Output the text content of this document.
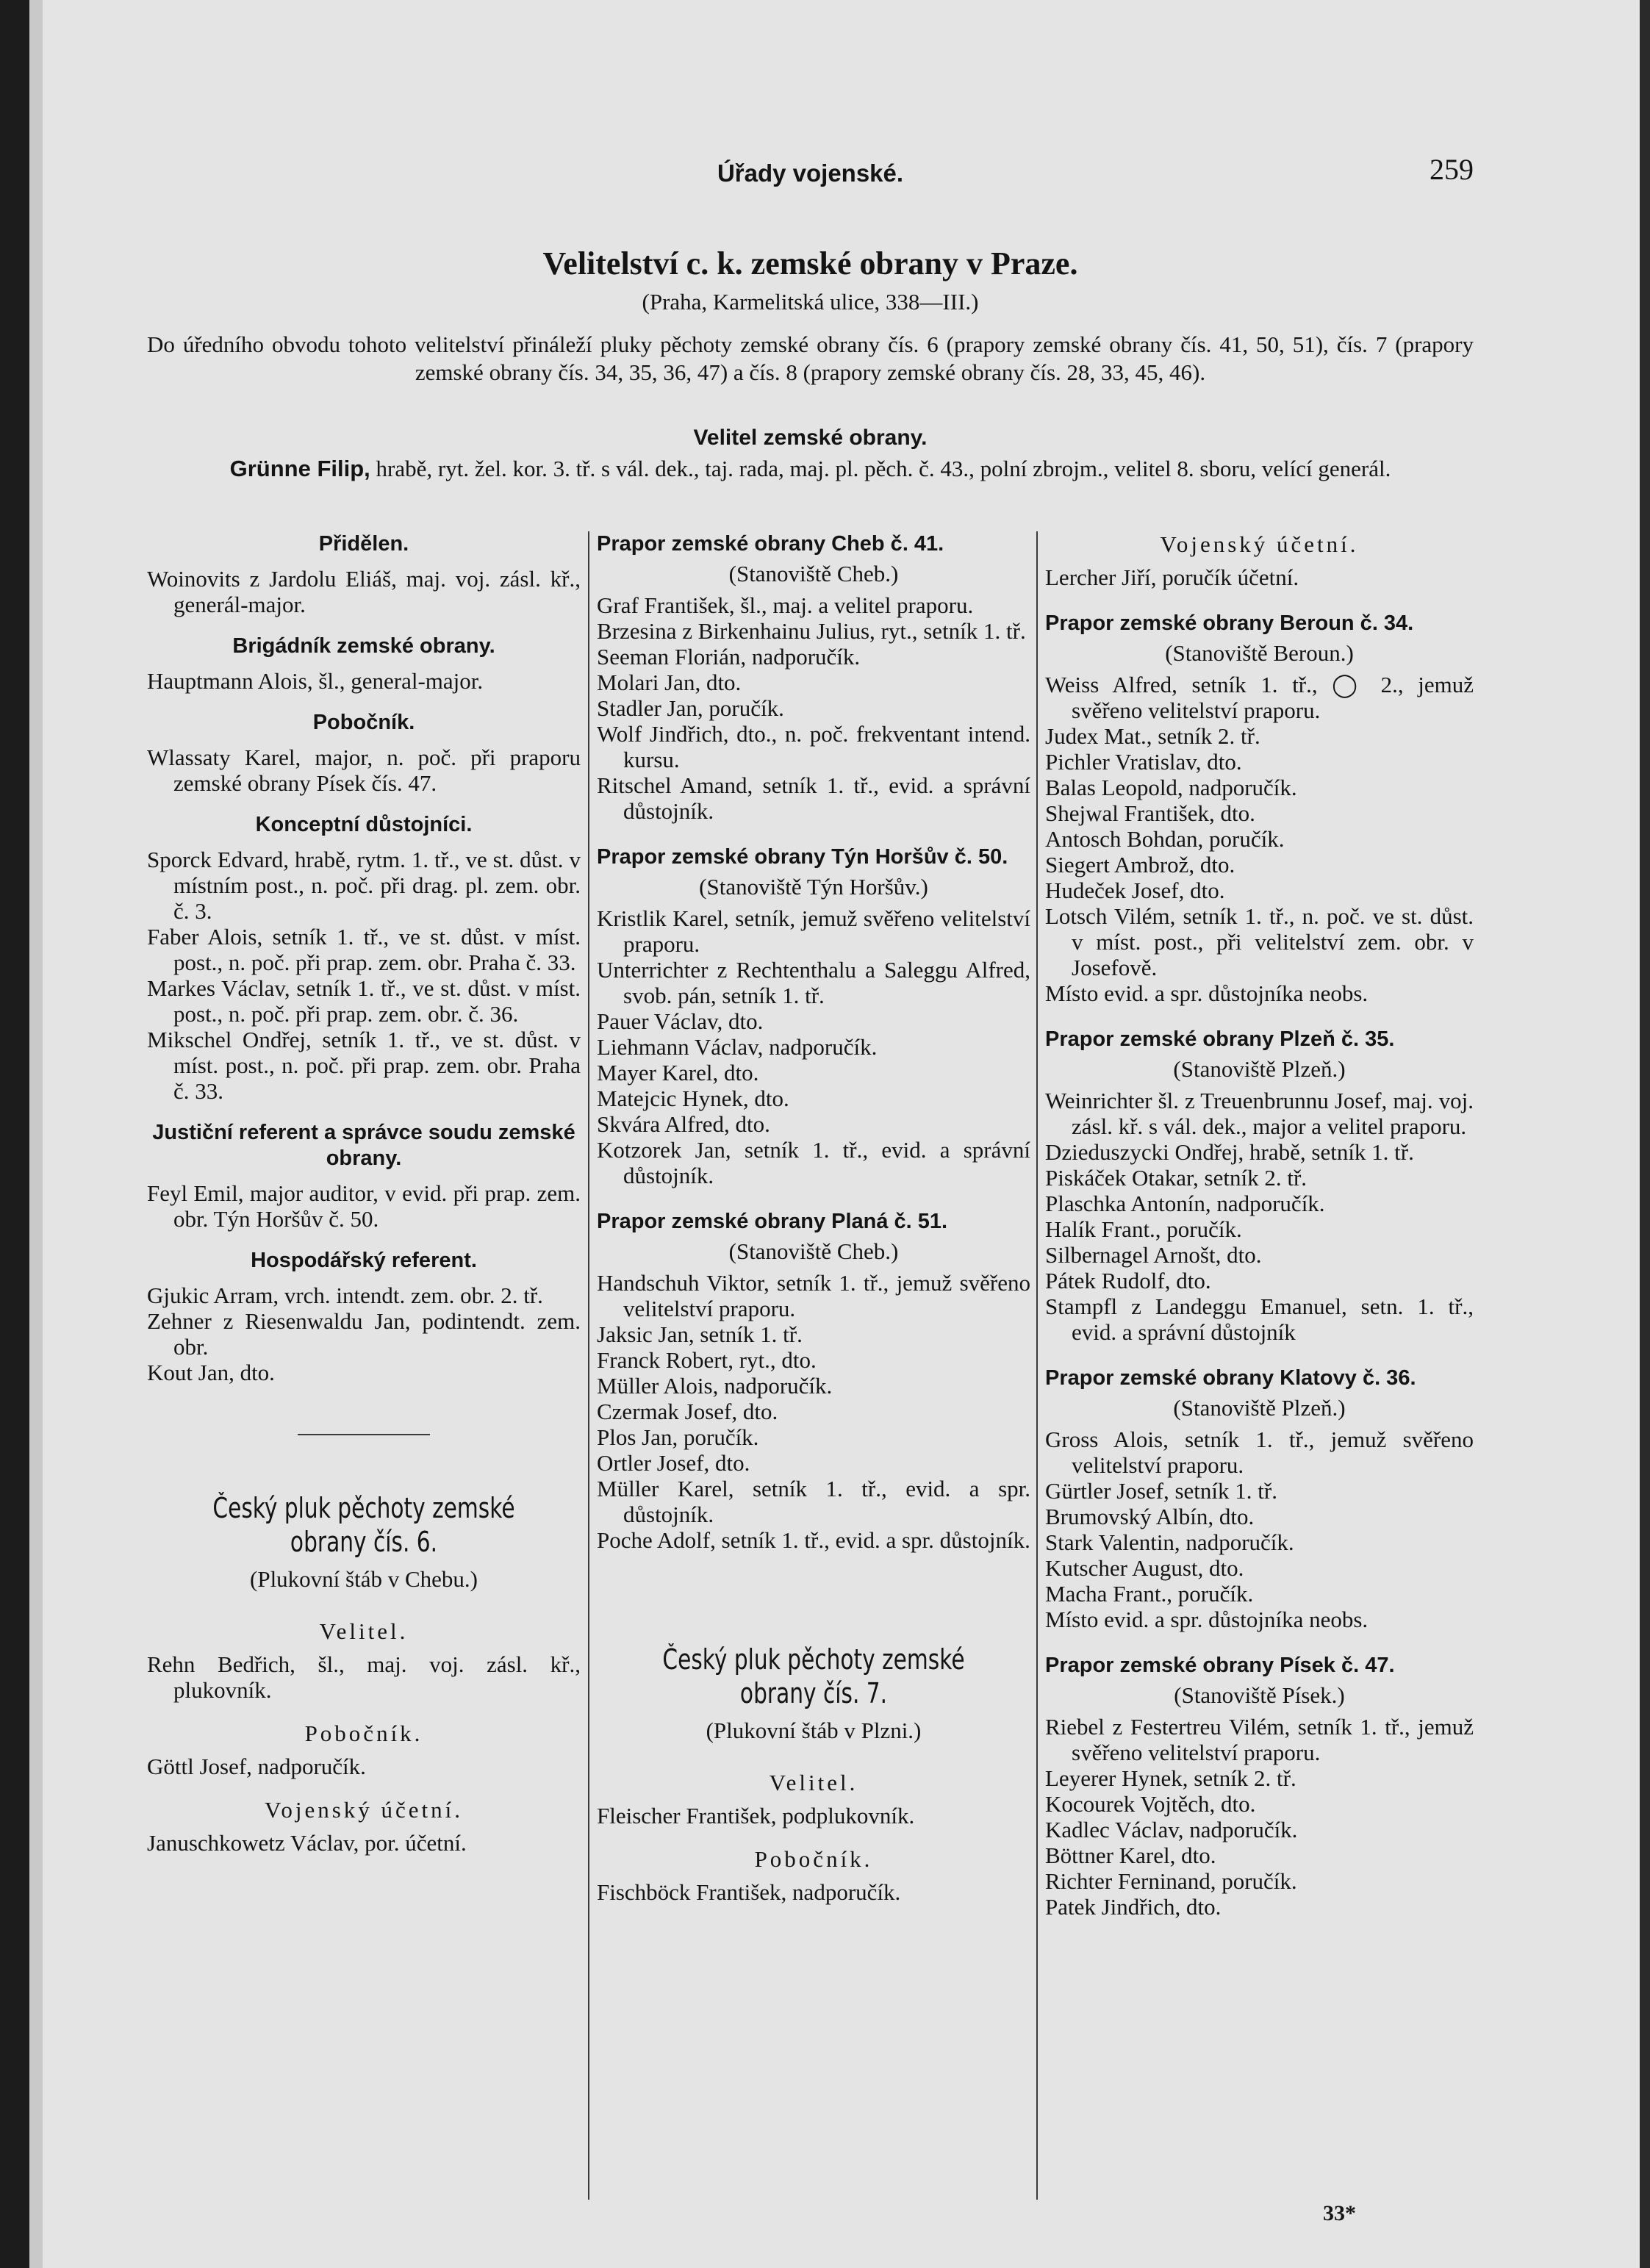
Úřady vojenské.	259
Velitelství c. k. zemské obrany v Praze.
(Praha, Karmelitská ulice, 338—III.)
Do úředního obvodu tohoto velitelství přináleží pluky pěchoty zemské obrany čís. 6 (prapory zemské obrany čís. 41, 50, 51), čís. 7 (prapory zemské obrany čís. 34, 35, 36, 47) a čís. 8 (prapory zemské obrany čís. 28, 33, 45, 46).
Velitel zemské obrany.
Grünne Filip, hrabě, ryt. žel. kor. 3. tř. s vál. dek., taj. rada, maj. pl. pěch. č. 43., polní zbrojm., velitel 8. sboru, velící generál.
Přidělen.
Woinovits z Jardolu Eliáš, maj. voj. zásl. kř., generál-major.
Brigádník zemské obrany.
Hauptmann Alois, šl., general-major.
Pobočník.
Wlassaty Karel, major, n. poč. při praporu zemské obrany Písek čís. 47.
Konceptní důstojníci.
Sporck Edvard, hrabě, rytm. 1. tř., ve st. důst. v místním post., n. poč. při drag. pl. zem. obr. č. 3.
Faber Alois, setník 1. tř., ve st. důst. v míst. post., n. poč. při prap. zem. obr. Praha č. 33.
Markes Václav, setník 1. tř., ve st. důst. v míst. post., n. poč. při prap. zem. obr. č. 36.
Mikschel Ondřej, setník 1. tř., ve st. důst. v míst. post., n. poč. při prap. zem. obr. Praha č. 33.
Justiční referent a správce soudu zemské obrany.
Feyl Emil, major auditor, v evid. při prap. zem. obr. Týn Horšův č. 50.
Hospodářský referent.
Gjukic Arram, vrch. intendt. zem. obr. 2. tř.
Zehner z Riesenwaldu Jan, podintendt. zem. obr.
Kout Jan, dto.
Český pluk pěchoty zemské obrany čís. 6.
(Plukovní štáb v Chebu.)
Velitel.
Rehn Bedřich, šl., maj. voj. zásl. kř., plukovník.
Pobočník.
Göttl Josef, nadporučík.
Vojenský účetní.
Januschkowetz Václav, por. účetní.
Prapor zemské obrany Cheb č. 41.
(Stanoviště Cheb.)
Graf František, šl., maj. a velitel praporu.
Brzesina z Birkenhainu Julius, ryt., setník 1. tř.
Seeman Florián, nadporučík.
Molari Jan, dto.
Stadler Jan, poručík.
Wolf Jindřich, dto., n. poč. frekventant intend. kursu.
Ritschel Amand, setník 1. tř., evid. a správní důstojník.
Prapor zemské obrany Týn Horšův č. 50.
(Stanoviště Týn Horšův.)
Kristlik Karel, setník, jemuž svěřeno velitelství praporu.
Unterrichter z Rechtenthalu a Saleggu Alfred, svob. pán, setník 1. tř.
Pauer Václav, dto.
Liehmann Václav, nadporučík.
Mayer Karel, dto.
Matejcic Hynek, dto.
Skvára Alfred, dto.
Kotzorek Jan, setník 1. tř., evid. a správní důstojník.
Prapor zemské obrany Planá č. 51.
(Stanoviště Cheb.)
Handschuh Viktor, setník 1. tř., jemuž svěřeno velitelství praporu.
Jaksic Jan, setník 1. tř.
Franck Robert, ryt., dto.
Müller Alois, nadporučík.
Czermak Josef, dto.
Plos Jan, poručík.
Ortler Josef, dto.
Müller Karel, setník 1. tř., evid. a spr. důstojník.
Poche Adolf, setník 1. tř., evid. a spr. důstojník.
Český pluk pěchoty zemské obrany čís. 7.
(Plukovní štáb v Plzni.)
Velitel.
Fleischer František, podplukovník.
Pobočník.
Fischböck František, nadporučík.
Vojenský účetní.
Lercher Jiří, poručík účetní.
Prapor zemské obrany Beroun č. 34.
(Stanoviště Beroun.)
Weiss Alfred, setník 1. tř., ◯ 2., jemuž svěřeno velitelství praporu.
Judex Mat., setník 2. tř.
Pichler Vratislav, dto.
Balas Leopold, nadporučík.
Shejwal František, dto.
Antosch Bohdan, poručík.
Siegert Ambrož, dto.
Hudeček Josef, dto.
Lotsch Vilém, setník 1. tř., n. poč. ve st. důst. v míst. post., při velitelství zem. obr. v Josefově.
Místo evid. a spr. důstojníka neobs.
Prapor zemské obrany Plzeň č. 35.
(Stanoviště Plzeň.)
Weinrichter šl. z Treuenbrunnu Josef, maj. voj. zásl. kř. s vál. dek., major a velitel praporu.
Dzieduszycki Ondřej, hrabě, setník 1. tř.
Piskáček Otakar, setník 2. tř.
Plaschka Antonín, nadporučík.
Halík Frant., poručík.
Silbernagel Arnošt, dto.
Pátek Rudolf, dto.
Stampfl z Landeggu Emanuel, setn. 1. tř., evid. a správní důstojník
Prapor zemské obrany Klatovy č. 36.
(Stanoviště Plzeň.)
Gross Alois, setník 1. tř., jemuž svěřeno velitelství praporu.
Gürtler Josef, setník 1. tř.
Brumovský Albín, dto.
Stark Valentin, nadporučík.
Kutscher August, dto.
Macha Frant., poručík.
Místo evid. a spr. důstojníka neobs.
Prapor zemské obrany Písek č. 47.
(Stanoviště Písek.)
Riebel z Festertreu Vilém, setník 1. tř., jemuž svěřeno velitelství praporu.
Leyerer Hynek, setník 2. tř.
Kocourek Vojtěch, dto.
Kadlec Václav, nadporučík.
Böttner Karel, dto.
Richter Ferninand, poručík.
Patek Jindřich, dto.
33*
